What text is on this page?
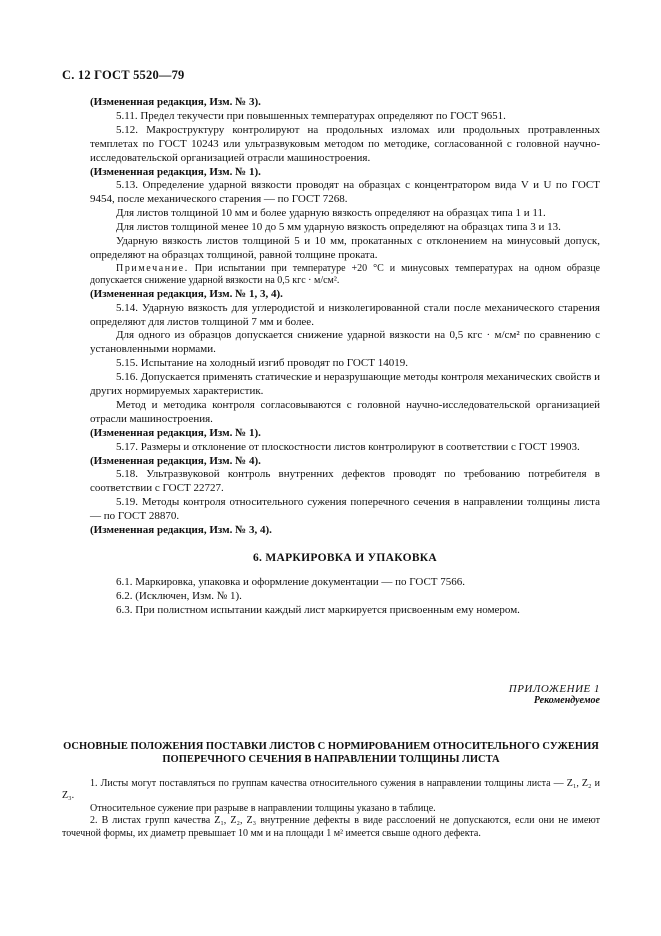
С. 12 ГОСТ 5520—79

(Измененная редакция, Изм. № 3).

5.11. Предел текучести при повышенных температурах определяют по ГОСТ 9651.

5.12. Макроструктуру контролируют на продольных изломах или продольных протравленных темплетах по ГОСТ 10243 или ультразвуковым методом по методике, согласованной с головной научно-исследовательской организацией отрасли машиностроения.

(Измененная редакция, Изм. № 1).

5.13. Определение ударной вязкости проводят на образцах с концентратором вида V и U по ГОСТ 9454, после механического старения — по ГОСТ 7268.

Для листов толщиной 10 мм и более ударную вязкость определяют на образцах типа 1 и 11.

Для листов толщиной менее 10 до 5 мм ударную вязкость определяют на образцах типа 3 и 13.

Ударную вязкость листов толщиной 5 и 10 мм, прокатанных с отклонением на минусовый допуск, определяют на образцах толщиной, равной толщине проката.

Примечание. При испытании при температуре +20 °С и минусовых температурах на одном образце допускается снижение ударной вязкости на 0,5 кгс · м/см².

(Измененная редакция, Изм. № 1, 3, 4).

5.14. Ударную вязкость для углеродистой и низколегированной стали после механического старения определяют для листов толщиной 7 мм и более.

Для одного из образцов допускается снижение ударной вязкости на 0,5 кгс · м/см² по сравнению с установленными нормами.

5.15. Испытание на холодный изгиб проводят по ГОСТ 14019.

5.16. Допускается применять статические и неразрушающие методы контроля механических свойств и других нормируемых характеристик.

Метод и методика контроля согласовываются с головной научно-исследовательской организацией отрасли машиностроения.

(Измененная редакция, Изм. № 1).

5.17. Размеры и отклонение от плоскостности листов контролируют в соответствии с ГОСТ 19903.

(Измененная редакция, Изм. № 4).

5.18. Ультразвуковой контроль внутренних дефектов проводят по требованию потребителя в соответствии с ГОСТ 22727.

5.19. Методы контроля относительного сужения поперечного сечения в направлении толщины листа — по ГОСТ 28870.

(Измененная редакция, Изм. № 3, 4).

6. МАРКИРОВКА И УПАКОВКА

6.1. Маркировка, упаковка и оформление документации — по ГОСТ 7566.

6.2. (Исключен, Изм. № 1).

6.3. При полистном испытании каждый лист маркируется присвоенным ему номером.

ПРИЛОЖЕНИЕ 1
Рекомендуемое
ОСНОВНЫЕ ПОЛОЖЕНИЯ ПОСТАВКИ ЛИСТОВ С НОРМИРОВАНИЕМ ОТНОСИТЕЛЬНОГО СУЖЕНИЯ ПОПЕРЕЧНОГО СЕЧЕНИЯ В НАПРАВЛЕНИИ ТОЛЩИНЫ ЛИСТА

1. Листы могут поставляться по группам качества относительного сужения в направлении толщины листа — Z₁, Z₂ и Z₃.

Относительное сужение при разрыве в направлении толщины указано в таблице.

2. В листах групп качества Z₁, Z₂, Z₃ внутренние дефекты в виде расслоений не допускаются, если они не имеют точечной формы, их диаметр превышает 10 мм и на площади 1 м² имеется свыше одного дефекта.
